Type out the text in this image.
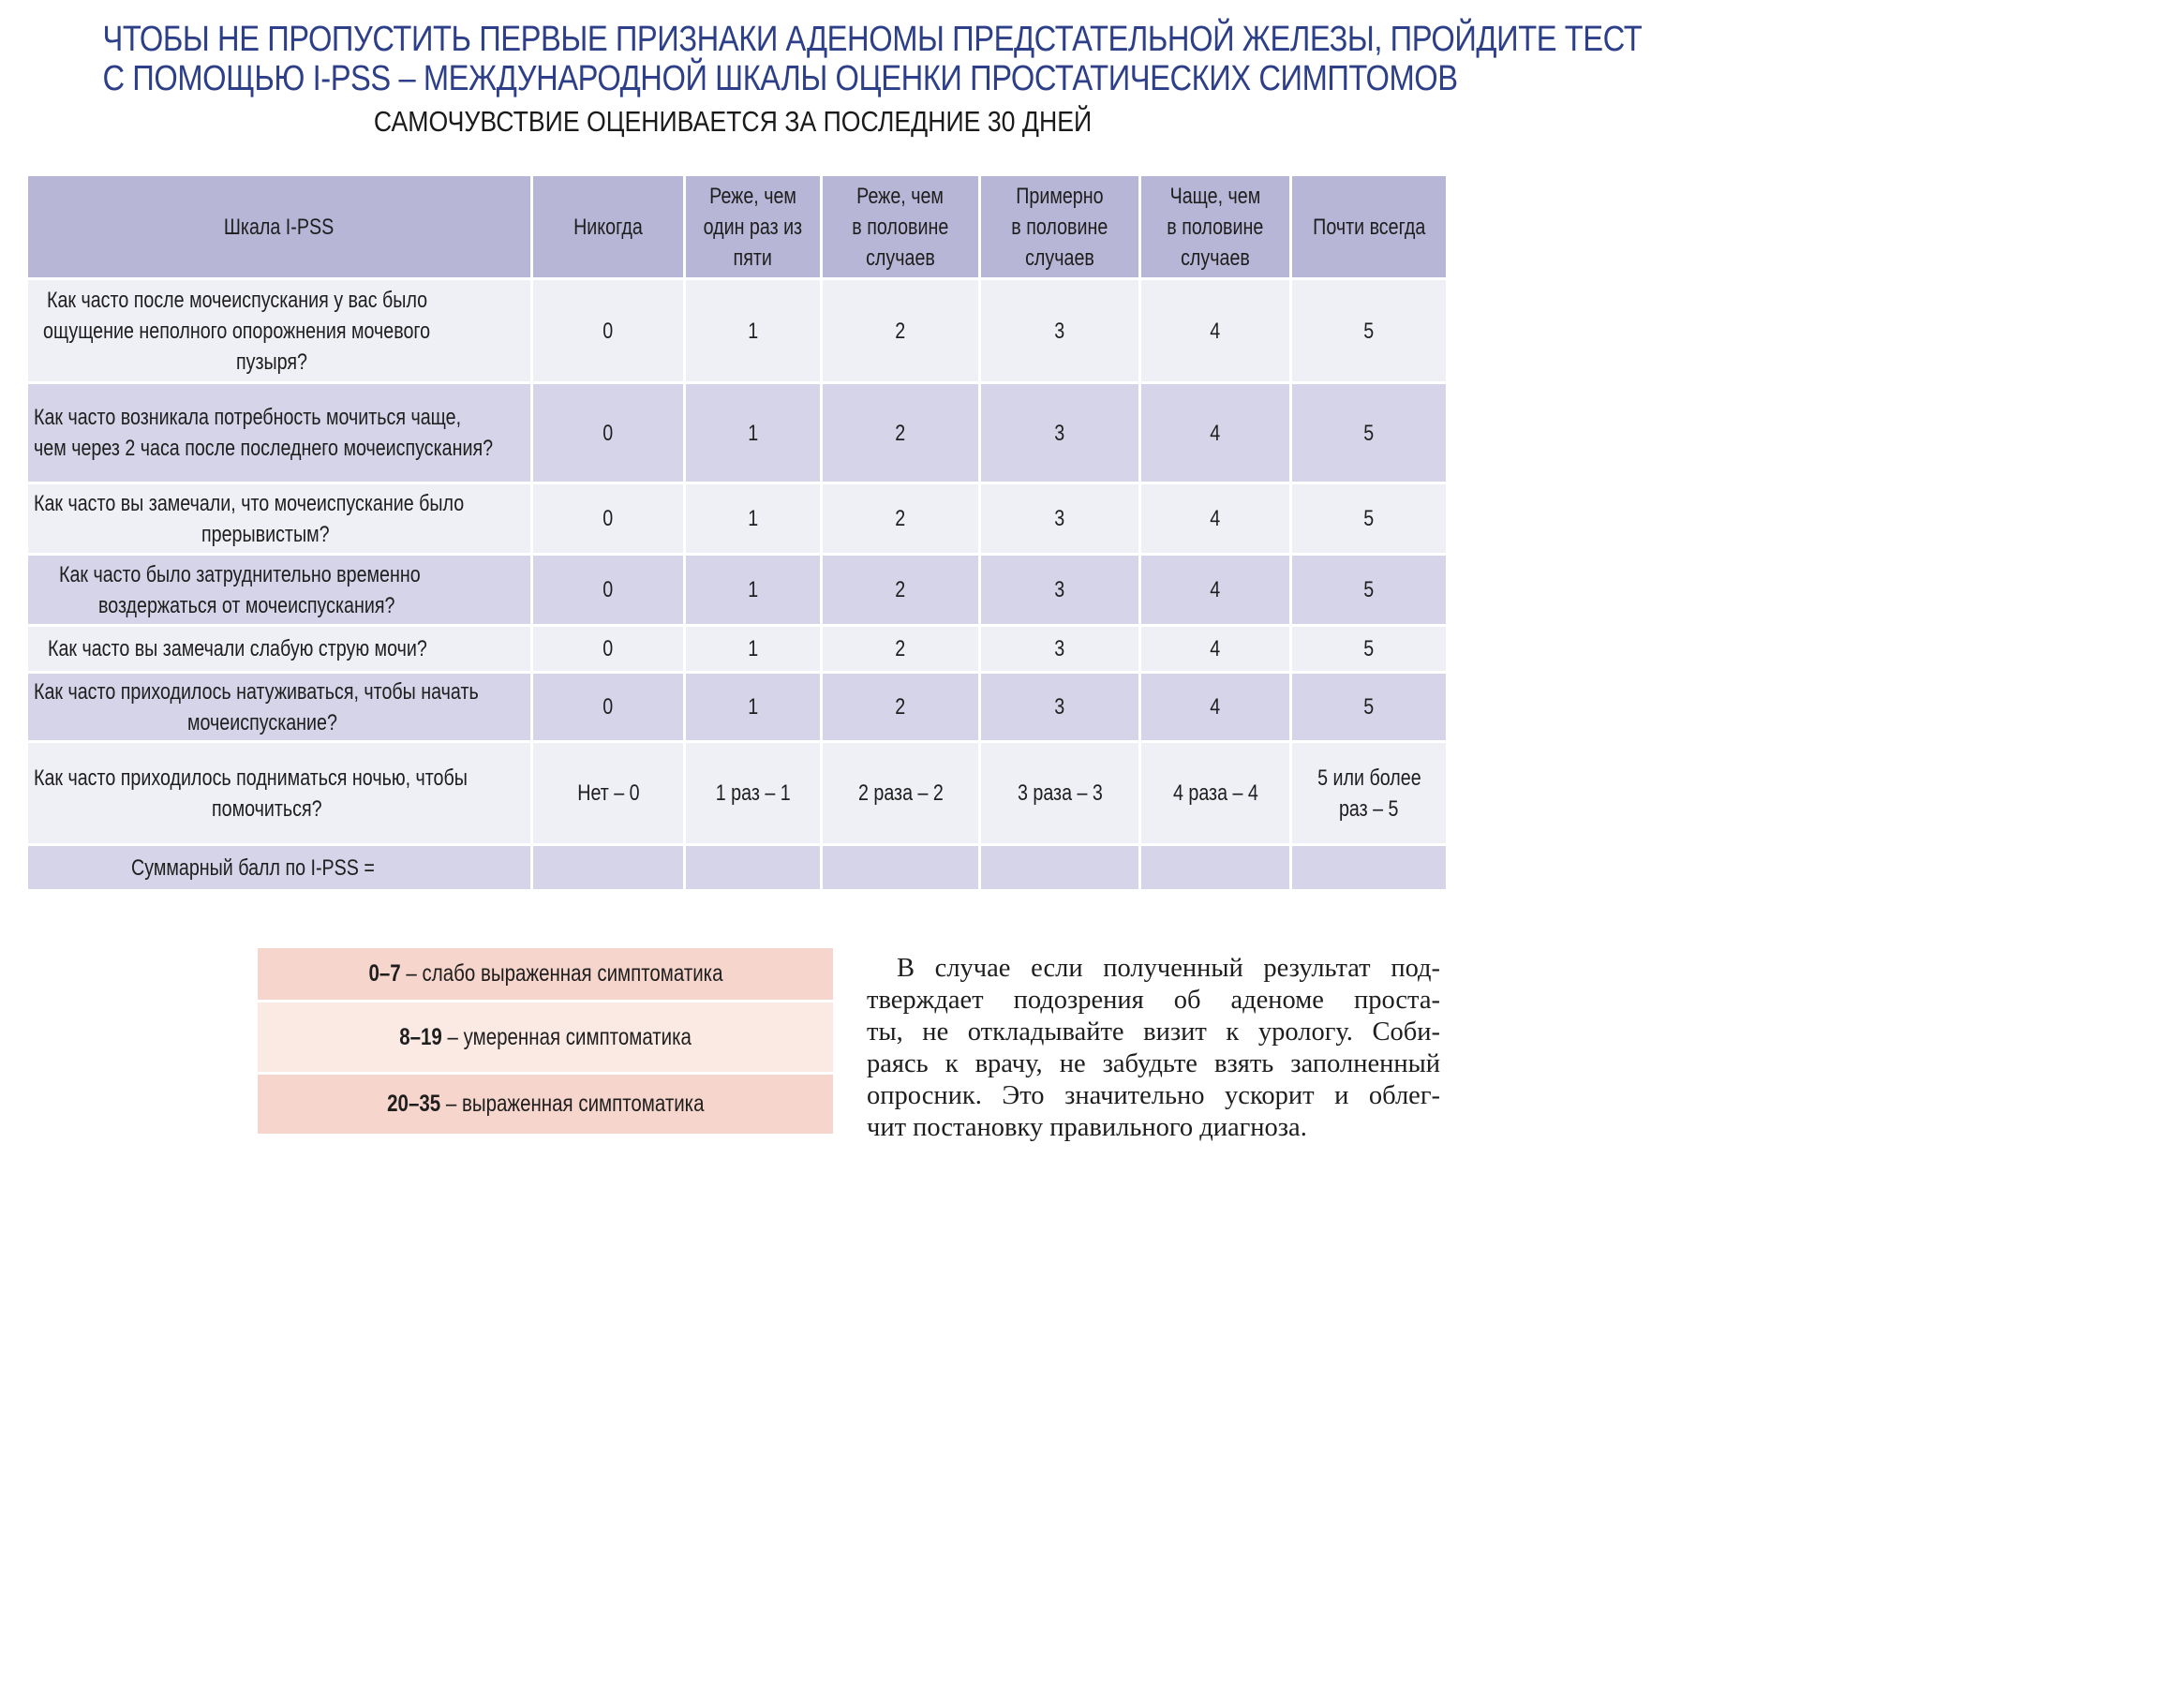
ЧТОБЫ НЕ ПРОПУСТИТЬ ПЕРВЫЕ ПРИЗНАКИ АДЕНОМЫ ПРЕДСТАТЕЛЬНОЙ ЖЕЛЕЗЫ, ПРОЙДИТЕ ТЕСТ
С ПОМОЩЬЮ I-PSS – МЕЖДУНАРОДНОЙ ШКАЛЫ ОЦЕНКИ ПРОСТАТИЧЕСКИХ СИМПТОМОВ
САМОЧУВСТВИЕ ОЦЕНИВАЕТСЯ ЗА ПОСЛЕДНИЕ 30 ДНЕЙ
Шкала I-PSS	Никогда	Реже, чем
один раз из
пяти	Реже, чем
в половине
случаев	Примерно
в половине
случаев	Чаще, чем
в половине
случаев	Почти всегда
Как часто после мочеиспускания у вас было
ощущение неполного опорожнения мочевого
пузыря?	0	1	2	3	4	5
Как часто возникала потребность мочиться чаще,
чем через 2 часа после последнего мочеиспускания?	0	1	2	3	4	5
Как часто вы замечали, что мочеиспускание было
прерывистым?	0	1	2	3	4	5
Как часто было затруднительно временно
воздержаться от мочеиспускания?	0	1	2	3	4	5
Как часто вы замечали слабую струю мочи?	0	1	2	3	4	5
Как часто приходилось натуживаться, чтобы начать
мочеиспускание?	0	1	2	3	4	5
Как часто приходилось подниматься ночью, чтобы
помочиться?	Нет – 0	1 раз – 1	2 раза – 2	3 раза – 3	4 раза – 4	5 или более
раз – 5
Суммарный балл по I-PSS =						
0–7 – слабо выраженная симптоматика
8–19 – умеренная симптоматика
20–35 – выраженная симптоматика
В случае если полученный результат под-
тверждает подозрения об аденоме проста-
ты, не откладывайте визит к урологу. Соби-
раясь к врачу, не забудьте взять заполненный
опросник. Это значительно ускорит и облег-
чит постановку правильного диагноза.
